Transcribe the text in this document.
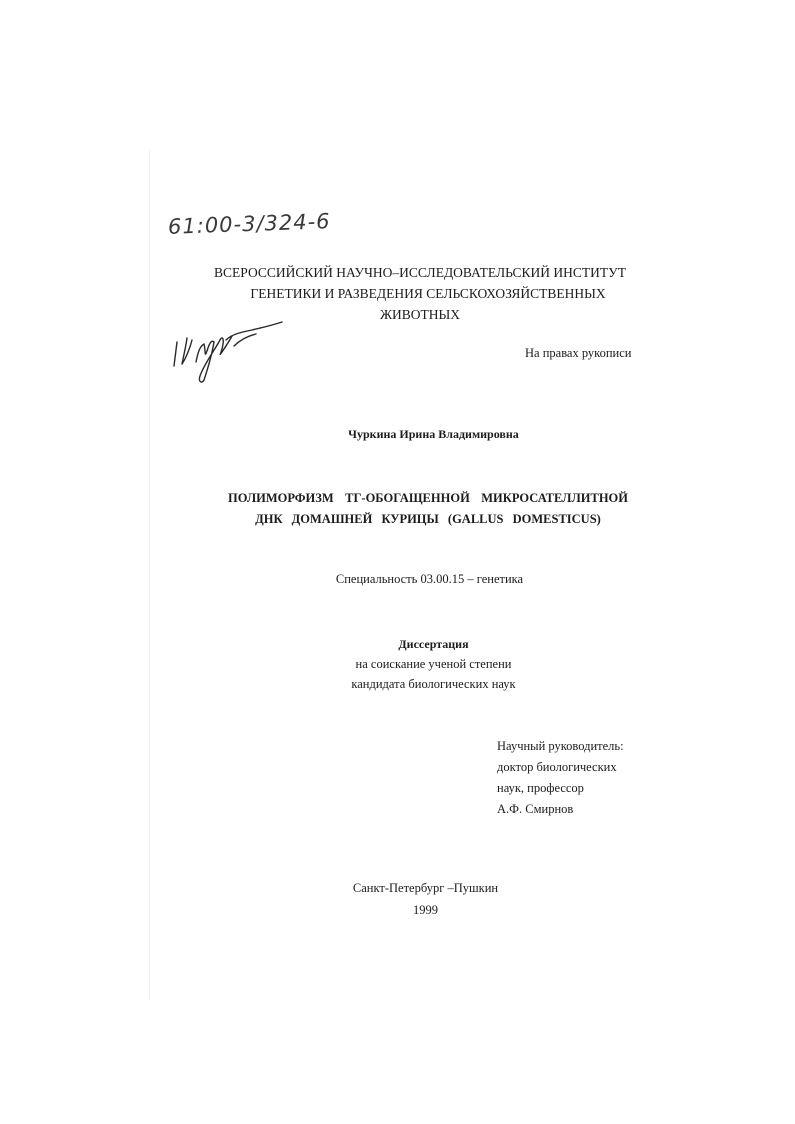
61:00-3/324-6
ВСЕРОССИЙСКИЙ НАУЧНО–ИССЛЕДОВАТЕЛЬСКИЙ ИНСТИТУТ
ГЕНЕТИКИ И РАЗВЕДЕНИЯ СЕЛЬСКОХОЗЯЙСТВЕННЫХ
ЖИВОТНЫХ
На правах рукописи
Чуркина Ирина Владимировна
ПОЛИМОРФИЗМ ТГ-ОБОГАЩЕННОЙ МИКРОСАТЕЛЛИТНОЙ
ДНК ДОМАШНЕЙ КУРИЦЫ (GALLUS DOMESTICUS)
Специальность 03.00.15 – генетика
Диссертация
на соискание ученой степени
кандидата биологических наук
Научный руководитель:
доктор биологических
наук, профессор
А.Ф. Смирнов
Санкт-Петербург –Пушкин
1999
